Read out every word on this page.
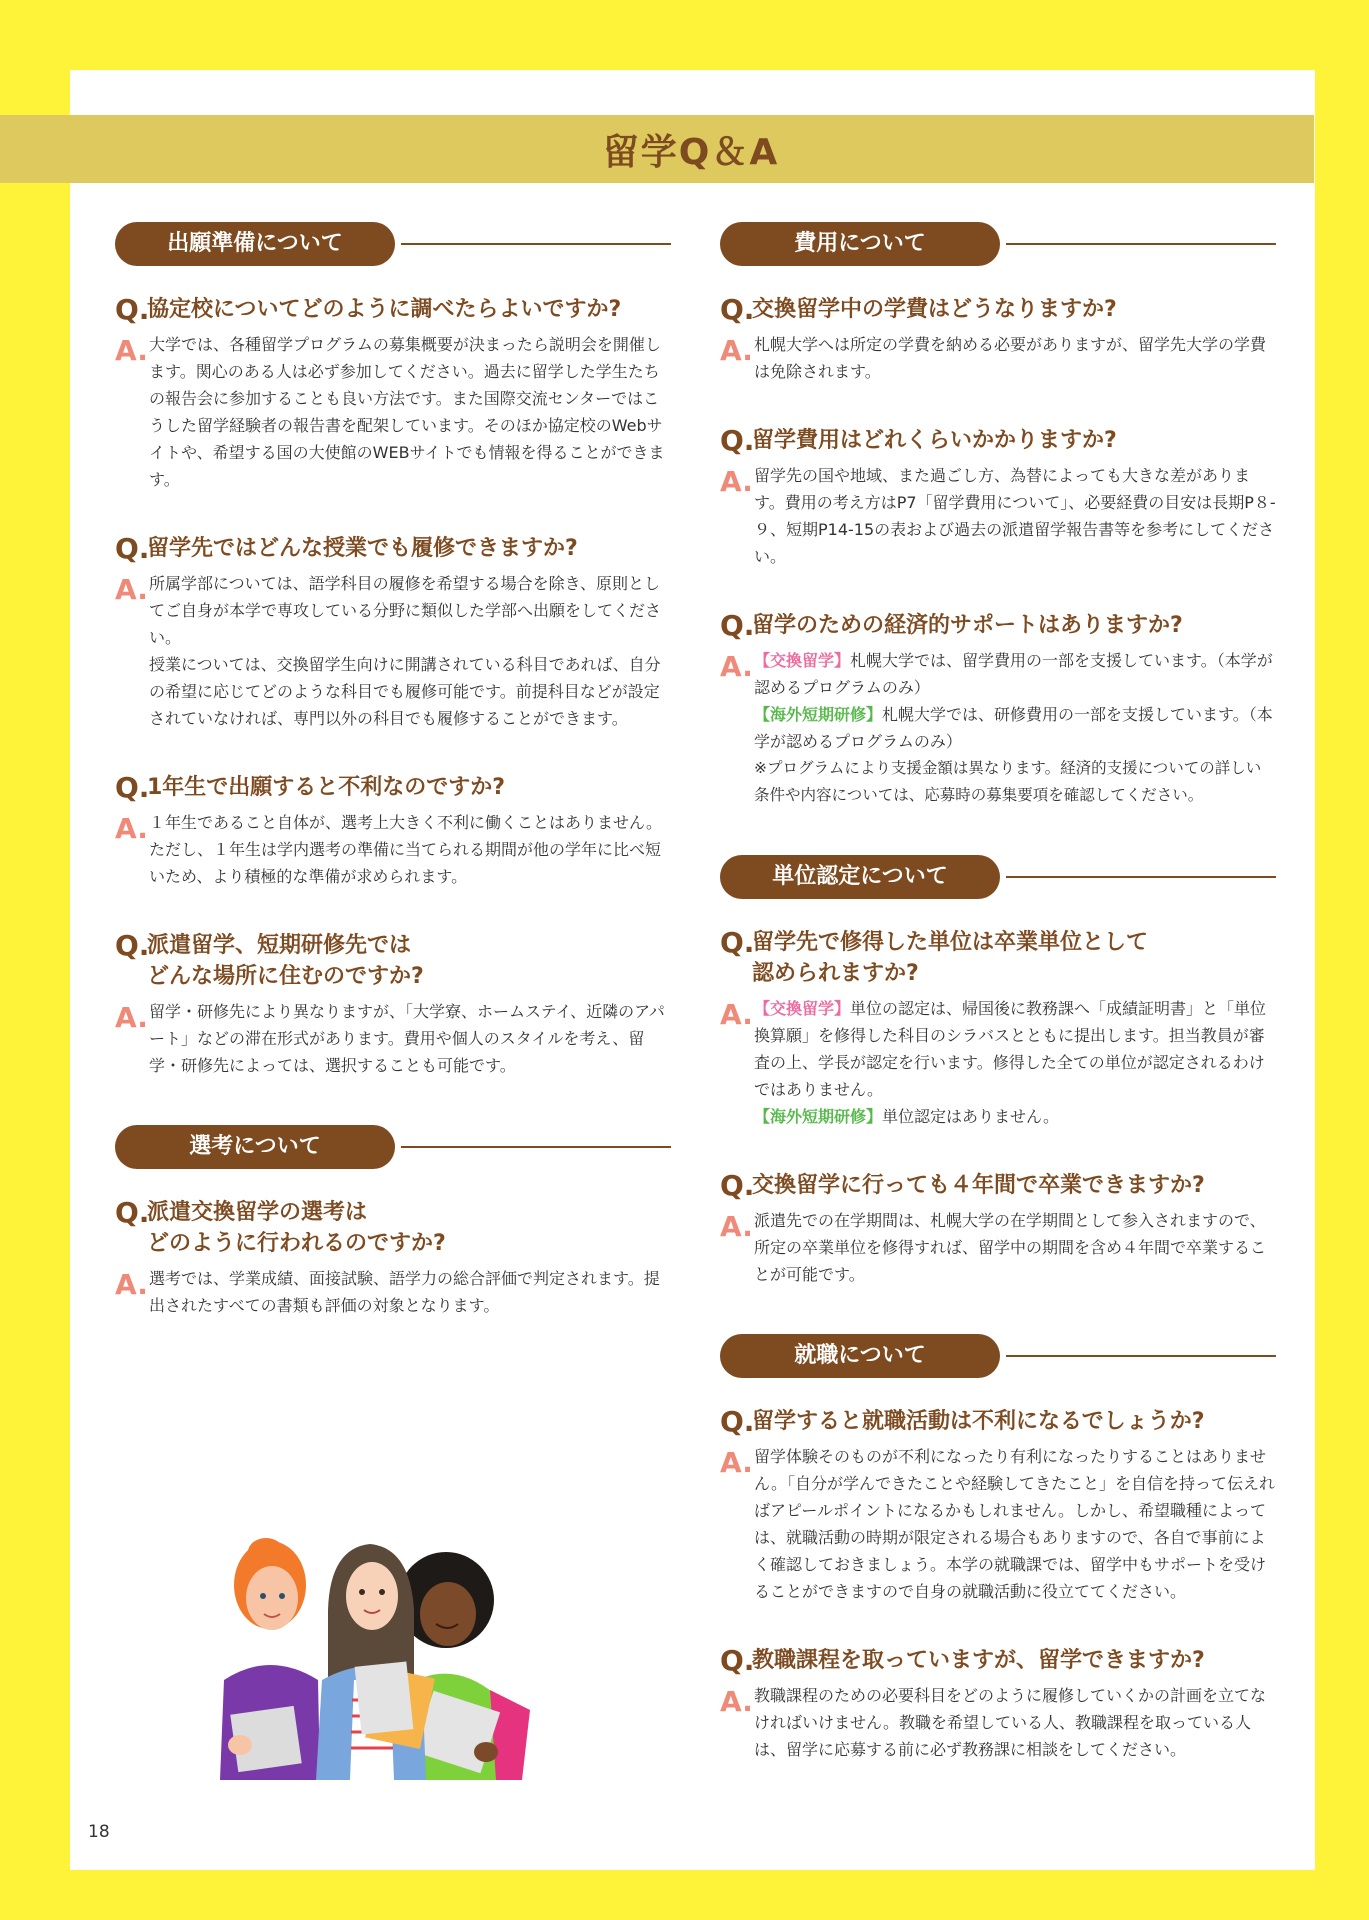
留学Q＆A
出願準備について
Q.
協定校についてどのように調べたらよいですか?
A. 大学では、各種留学プログラムの募集概要が決まったら説明会を開催します。関心のある人は必ず参加してください。過去に留学した学生たちの報告会に参加することも良い方法です。また国際交流センターではこうした留学経験者の報告書を配架しています。そのほか協定校のWebサイトや、希望する国の大使館のWEBサイトでも情報を得ることができます。

Q.
留学先ではどんな授業でも履修できますか?
A. 所属学部については、語学科目の履修を希望する場合を除き、原則としてご自身が本学で専攻している分野に類似した学部へ出願をしてください。

授業については、交換留学生向けに開講されている科目であれば、自分の希望に応じてどのような科目でも履修可能です。前提科目などが設定されていなければ、専門以外の科目でも履修することができます。

Q.
1年生で出願すると不利なのですか?
A. １年生であること自体が、選考上大きく不利に働くことはありません。ただし、１年生は学内選考の準備に当てられる期間が他の学年に比べ短いため、より積極的な準備が求められます。

Q.
派遣留学、短期研修先では
どんな場所に住むのですか?
A. 留学・研修先により異なりますが、「大学寮、ホームステイ、近隣のアパート」などの滞在形式があります。費用や個人のスタイルを考え、留学・研修先によっては、選択することも可能です。

選考について
Q.
派遣交換留学の選考は
どのように行われるのですか?
A. 選考では、学業成績、面接試験、語学力の総合評価で判定されます。提出されたすべての書類も評価の対象となります。

費用について
Q.
交換留学中の学費はどうなりますか?
A. 札幌大学へは所定の学費を納める必要がありますが、留学先大学の学費は免除されます。

Q.
留学費用はどれくらいかかりますか?
A. 留学先の国や地域、また過ごし方、為替によっても大きな差があります。費用の考え方はP7「留学費用について」、必要経費の目安は長期P８-９、短期P14-15の表および過去の派遣留学報告書等を参考にしてください。

Q.
留学のための経済的サポートはありますか?
A. 【交換留学】札幌大学では、留学費用の一部を支援しています。（本学が認めるプログラムのみ）

【海外短期研修】札幌大学では、研修費用の一部を支援しています。（本学が認めるプログラムのみ）

※プログラムにより支援金額は異なります。経済的支援についての詳しい条件や内容については、応募時の募集要項を確認してください。

単位認定について
Q.
留学先で修得した単位は卒業単位として
認められますか?
A. 【交換留学】単位の認定は、帰国後に教務課へ「成績証明書」と「単位換算願」を修得した科目のシラバスとともに提出します。担当教員が審査の上、学長が認定を行います。修得した全ての単位が認定されるわけではありません。

【海外短期研修】単位認定はありません。

Q.
交換留学に行っても４年間で卒業できますか?
A. 派遣先での在学期間は、札幌大学の在学期間として参入されますので、所定の卒業単位を修得すれば、留学中の期間を含め４年間で卒業することが可能です。

就職について
Q.
留学すると就職活動は不利になるでしょうか?
A. 留学体験そのものが不利になったり有利になったりすることはありません。「自分が学んできたことや経験してきたこと」を自信を持って伝えればアピールポイントになるかもしれません。しかし、希望職種によっては、就職活動の時期が限定される場合もありますので、各自で事前によく確認しておきましょう。本学の就職課では、留学中もサポートを受けることができますので自身の就職活動に役立ててください。

Q.
教職課程を取っていますが、留学できますか?
A. 教職課程のための必要科目をどのように履修していくかの計画を立てなければいけません。教職を希望している人、教職課程を取っている人は、留学に応募する前に必ず教務課に相談をしてください。

18
